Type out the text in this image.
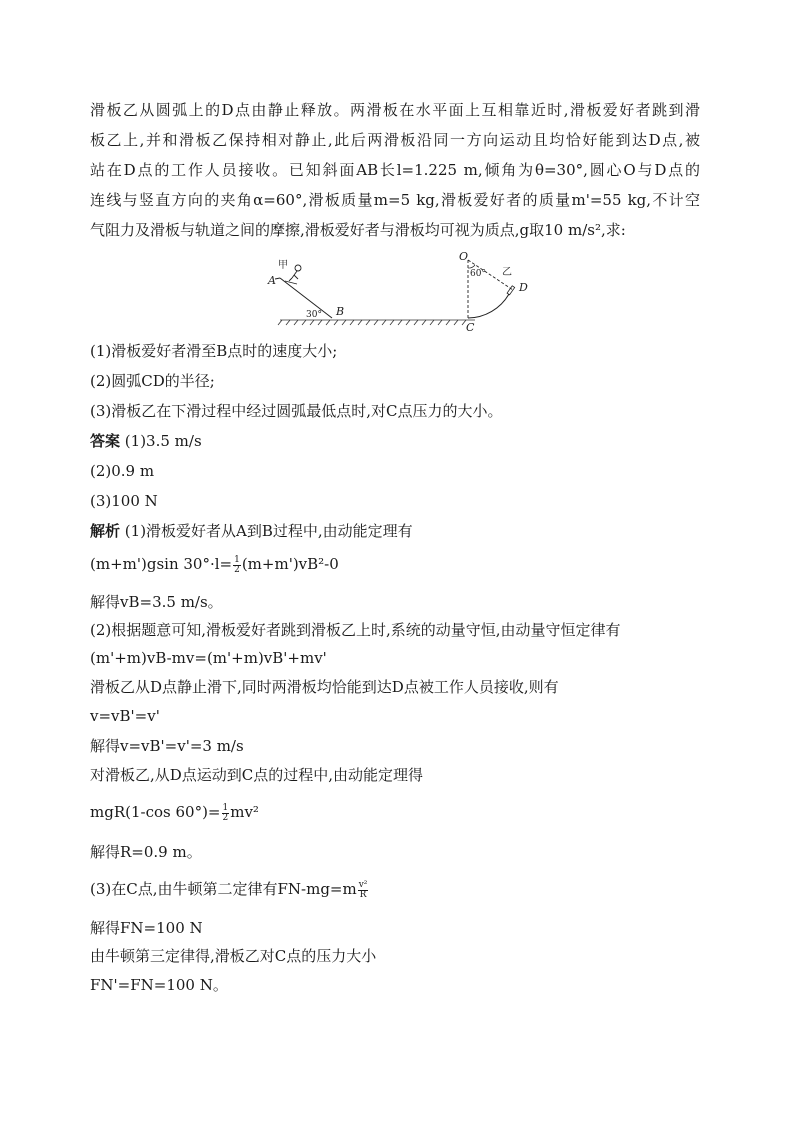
滑板乙从圆弧上的D点由静止释放。两滑板在水平面上互相靠近时,滑板爱好者跳到滑
板乙上,并和滑板乙保持相对静止,此后两滑板沿同一方向运动且均恰好能到达D点,被
站在D点的工作人员接收。已知斜面AB长l=1.225 m,倾角为θ=30°,圆心O与D点的
连线与竖直方向的夹角α=60°,滑板质量m=5 kg,滑板爱好者的质量m'=55 kg,不计空
气阻力及滑板与轨道之间的摩擦,滑板爱好者与滑板均可视为质点,g取10 m/s²,求:
甲
A
B
30°
O
60° 乙
D
C
(1)滑板爱好者滑至B点时的速度大小;
(2)圆弧CD的半径;
(3)滑板乙在下滑过程中经过圆弧最低点时,对C点压力的大小。
答案 (1)3.5 m/s
(2)0.9 m
(3)100 N
解析 (1)滑板爱好者从A到B过程中,由动能定理有
(m+m')gsin $30^\circ\cdot l= \frac{1}{2} (m+m')vB^2-0$
解得vB=3.5 m/s。
(2)根据题意可知,滑板爱好者跳到滑板乙上时,系统的动量守恒,由动量守恒定律有
(m'+m)vB-mv=(m'+m)vB'+mv'
滑板乙从D点静止滑下,同时两滑板均恰能到达D点被工作人员接收,则有
v=vB'=v'
解得v=vB'=v'=3 m/s
对滑板乙,从D点运动到C点的过程中,由动能定理得
mgR(1-cos $60^\circ)= \frac{1}{2} mv^2$
解得R=0.9 m。
(3)在C点,由牛顿第二定律有$FN-mg=m \frac{\text{v²}}{R}$
解得FN=100 N
由牛顿第三定律得,滑板乙对C点的压力大小
FN'=FN=100 N。
